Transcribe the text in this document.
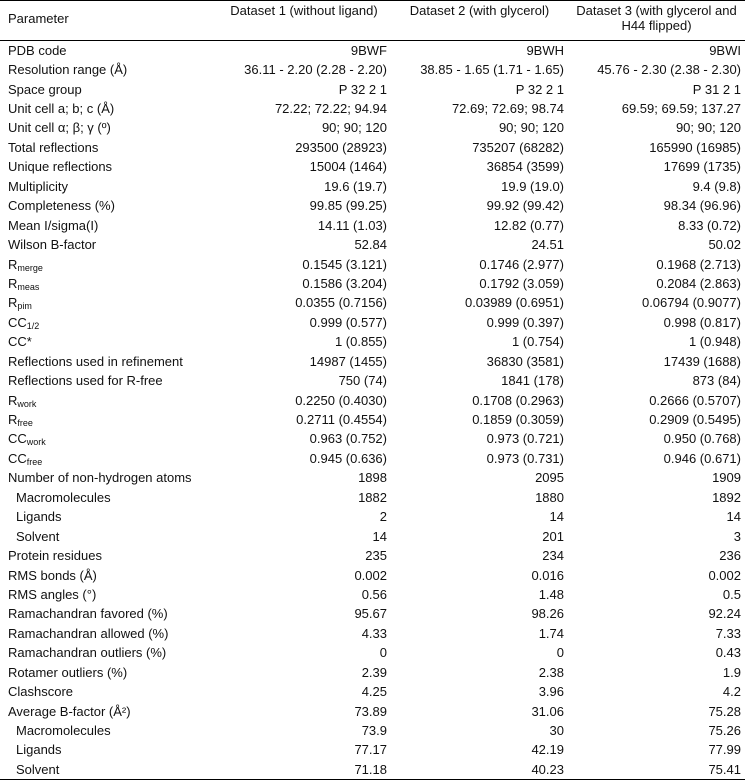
Parameter	Dataset 1 (without ligand)	Dataset 2 (with glycerol)	Dataset 3 (with glycerol and H44 flipped)
PDB code	9BWF	9BWH	9BWI
Resolution range (Å)	36.11 - 2.20 (2.28 - 2.20)	38.85 - 1.65 (1.71 - 1.65)	45.76 - 2.30 (2.38 - 2.30)
Space group	P 32 2 1	P 32 2 1	P 31 2 1
Unit cell a; b; c (Å)	72.22; 72.22; 94.94	72.69; 72.69; 98.74	69.59; 69.59; 137.27
Unit cell α; β; γ (º)	90; 90; 120	90; 90; 120	90; 90; 120
Total reflections	293500 (28923)	735207 (68282)	165990 (16985)
Unique reflections	15004 (1464)	36854 (3599)	17699 (1735)
Multiplicity	19.6 (19.7)	19.9 (19.0)	9.4 (9.8)
Completeness (%)	99.85 (99.25)	99.92 (99.42)	98.34 (96.96)
Mean I/sigma(I)	14.11 (1.03)	12.82 (0.77)	8.33 (0.72)
Wilson B-factor	52.84	24.51	50.02
$R_{merge}$	0.1545 (3.121)	0.1746 (2.977)	0.1968 (2.713)
$R_{meas}$	0.1586 (3.204)	0.1792 (3.059)	0.2084 (2.863)
$R_{pim}$	0.0355 (0.7156)	0.03989 (0.6951)	0.06794 (0.9077)
$CC_{1/2}$	0.999 (0.577)	0.999 (0.397)	0.998 (0.817)
CC*	1 (0.855)	1 (0.754)	1 (0.948)
Reflections used in refinement	14987 (1455)	36830 (3581)	17439 (1688)
Reflections used for R-free	750 (74)	1841 (178)	873 (84)
$R_{work}$	0.2250 (0.4030)	0.1708 (0.2963)	0.2666 (0.5707)
$R_{free}$	0.2711 (0.4554)	0.1859 (0.3059)	0.2909 (0.5495)
$CC_{work}$	0.963 (0.752)	0.973 (0.721)	0.950 (0.768)
$CC_{free}$	0.945 (0.636)	0.973 (0.731)	0.946 (0.671)
Number of non-hydrogen atoms	1898	2095	1909
Macromolecules	1882	1880	1892
Ligands	2	14	14
Solvent	14	201	3
Protein residues	235	234	236
RMS bonds (Å)	0.002	0.016	0.002
RMS angles (°)	0.56	1.48	0.5
Ramachandran favored (%)	95.67	98.26	92.24
Ramachandran allowed (%)	4.33	1.74	7.33
Ramachandran outliers (%)	0	0	0.43
Rotamer outliers (%)	2.39	2.38	1.9
Clashscore	4.25	3.96	4.2
Average B-factor (Å²)	73.89	31.06	75.28
Macromolecules	73.9	30	75.26
Ligands	77.17	42.19	77.99
Solvent	71.18	40.23	75.41
